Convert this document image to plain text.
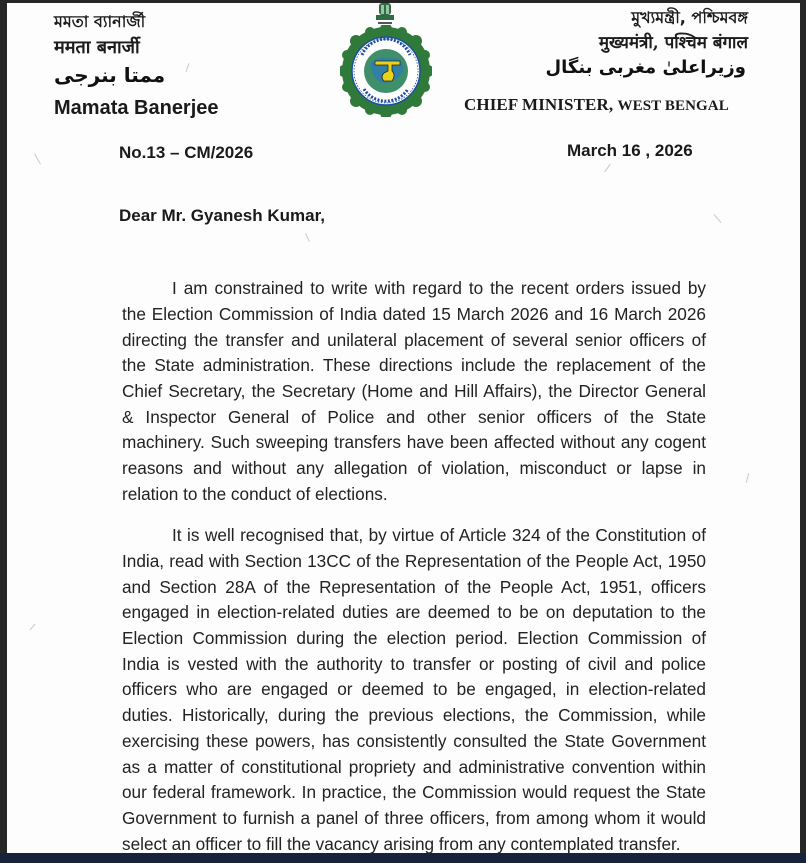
মমতা ব্যানার্জী
ममता बनार्जी
ممتا بنرجی
Mamata Banerjee
মুখ্যমন্ত্রী, পশ্চিমবঙ্গ
मुख्यमंत्री, पश्चिम बंगाल
وزیراعلیٰ مغربی بنگال
CHIEF MINISTER, WEST BENGAL
No.13 – CM/2026	March 16 , 2026
Dear Mr. Gyanesh Kumar,

I am constrained to write with regard to the recent orders issued by the Election Commission of India dated 15 March 2026 and 16 March 2026 directing the transfer and unilateral placement of several senior officers of the State administration. These directions include the replacement of the Chief Secretary, the Secretary (Home and Hill Affairs), the Director General & Inspector General of Police and other senior officers of the State machinery. Such sweeping transfers have been affected without any cogent reasons and without any allegation of violation, misconduct or lapse in relation to the conduct of elections.

It is well recognised that, by virtue of Article 324 of the Constitution of India, read with Section 13CC of the Representation of the People Act, 1950 and Section 28A of the Representation of the People Act, 1951, officers engaged in election-related duties are deemed to be on deputation to the Election Commission during the election period. Election Commission of India is vested with the authority to transfer or posting of civil and police officers who are engaged or deemed to be engaged, in election-related duties. Historically, during the previous elections, the Commission, while exercising these powers, has consistently consulted the State Government as a matter of constitutional propriety and administrative convention within our federal framework. In practice, the Commission would request the State Government to furnish a panel of three officers, from among whom it would select an officer to fill the vacancy arising from any contemplated transfer.
